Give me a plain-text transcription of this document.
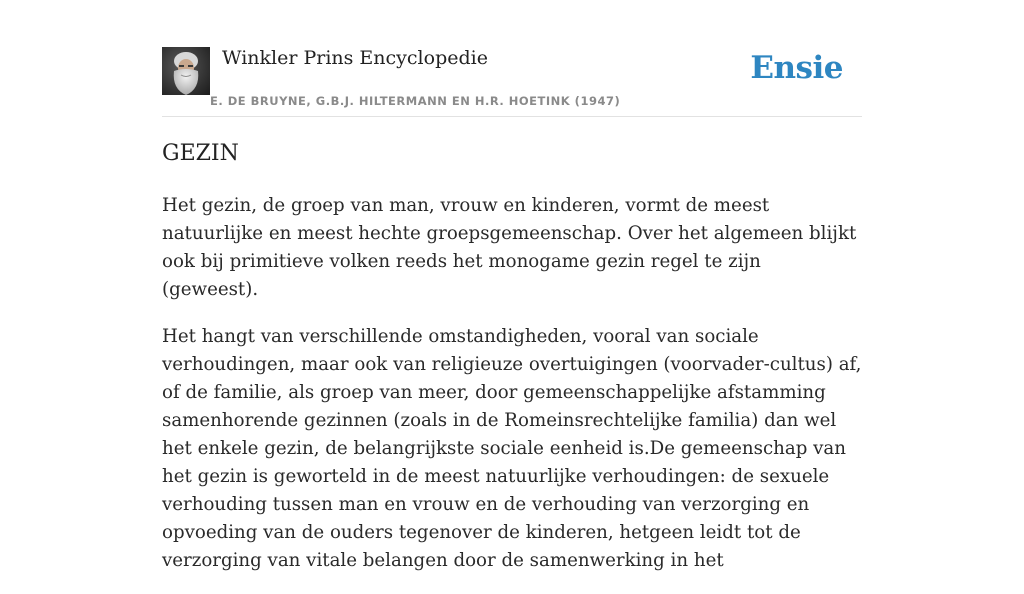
Winkler Prins Encyclopedie
E. DE BRUYNE, G.B.J. HILTERMANN EN H.R. HOETINK (1947)
Ensie
GEZIN

Het gezin, de groep van man, vrouw en kinderen, vormt de meest natuurlijke en meest hechte groepsgemeenschap. Over het algemeen blijkt ook bij primitieve volken reeds het monogame gezin regel te zijn (geweest).

Het hangt van verschillende omstandigheden, vooral van sociale verhoudingen, maar ook van religieuze overtuigingen (voorvader-cultus) af, of de familie, als groep van meer, door gemeenschappelijke afstamming samenhorende gezinnen (zoals in de Romeinsrechtelijke familia) dan wel het enkele gezin, de belangrijkste sociale eenheid is.De gemeenschap van het gezin is geworteld in de meest natuurlijke verhoudingen: de sexuele verhouding tussen man en vrouw en de verhouding van verzorging en opvoeding van de ouders tegenover de kinderen, hetgeen leidt tot de verzorging van vitale belangen door de samenwerking in het
